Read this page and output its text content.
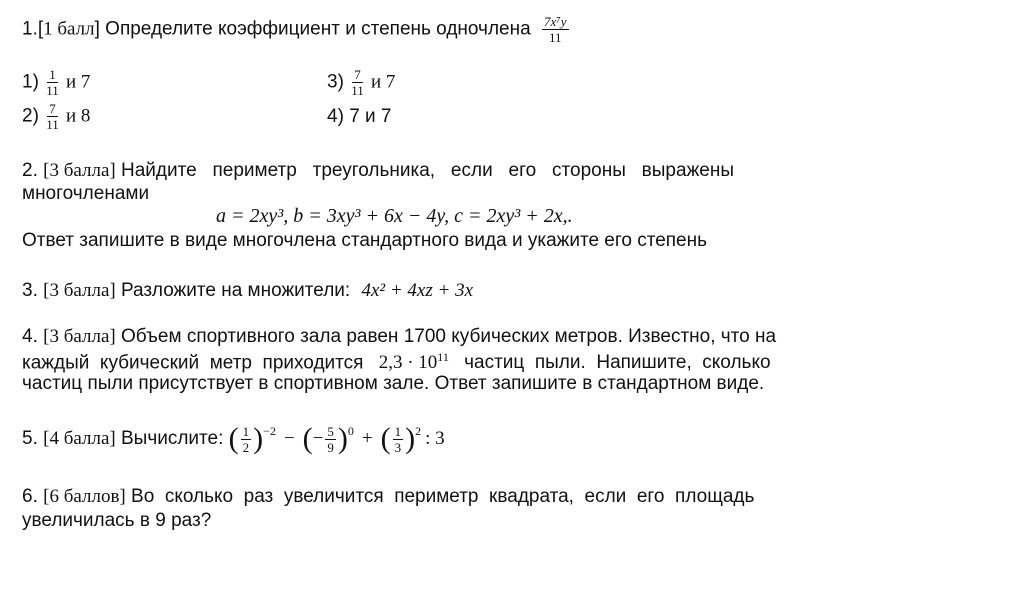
1.[1 балл] Определите коэффициент и степень одночлена $\frac{\text{7x⁷y}}{11}$
$1) \frac{1}{11}$ и 7	$3) \frac{7}{11}$ и 7
$2) \frac{7}{11}$ и 8	4) 7 и 7
2. [3 балла] Найдите   периметр   треугольника,   если   его   стороны   выражены
многочленами
a = 2xy³, b = 3xy³ + 6x − 4y, c = 2xy³ + 2x,.
Ответ запишите в виде многочлена стандартного вида и укажите его степень
3. [3 балла] Разложите на множители: 4x² + 4xz + 3x
4. [3 балла] Объем спортивного зала равен 1700 кубических метров. Известно, что на
каждый  кубический  метр  приходится $2,3 \cdot 10^{11}$ частиц  пыли.  Напишите,  сколько
частиц пыли присутствует в спортивном зале. Ответ запишите в стандартном виде.
5.
[4 балла]
Вычислите:
( $\frac{1}{2} )^{-2}$ − ( − $\frac{5}{9} )^0$ + ( $\frac{1}{3} )^2$ : 3
6. [6 баллов] Во  сколько  раз  увеличится  периметр  квадрата,  если  его  площадь
увеличилась в 9 раз?
